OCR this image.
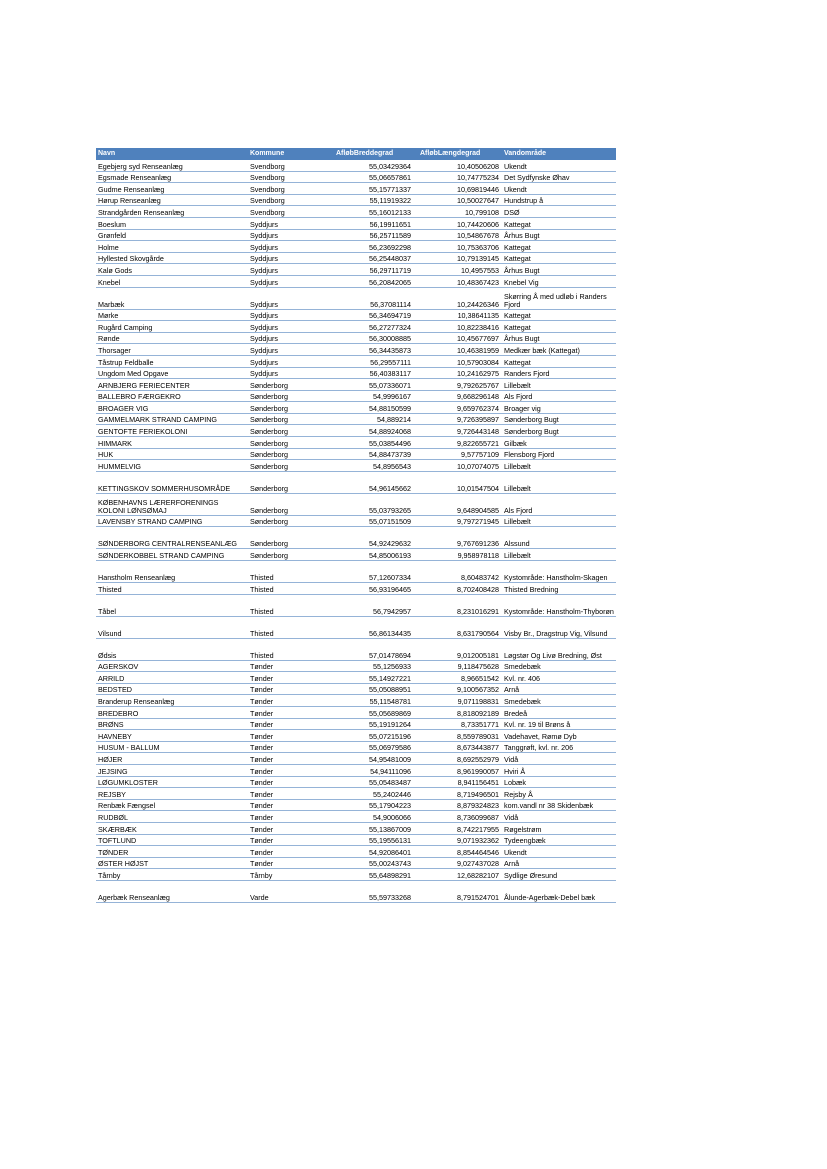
Navn	Kommune	AfløbBreddegrad	AfløbLængdegrad	Vandområde
Egebjerg syd Renseanlæg	Svendborg	55,03429364	10,40506208	Ukendt
Egsmade Renseanlæg	Svendborg	55,06657861	10,74775234	Det Sydfynske Øhav
Gudme Renseanlæg	Svendborg	55,15771337	10,69819446	Ukendt
Hørup Renseanlæg	Svendborg	55,11919322	10,50027647	Hundstrup å
Strandgården Renseanlæg	Svendborg	55,16012133	10,799108	DSØ
Boeslum	Syddjurs	56,19911651	10,74420606	Kattegat
Grønfeld	Syddjurs	56,25711589	10,54867678	Århus Bugt
Holme	Syddjurs	56,23692298	10,75363706	Kattegat
Hyllested Skovgårde	Syddjurs	56,25448037	10,79139145	Kattegat
Kalø Gods	Syddjurs	56,29711719	10,4957553	Århus Bugt
Knebel	Syddjurs	56,20842065	10,48367423	Knebel Vig
Marbæk	Syddjurs	56,37081114	10,24426346	Skørring Å med udløb i Randers Fjord
Mørke	Syddjurs	56,34694719	10,38641135	Kattegat
Rugård Camping	Syddjurs	56,27277324	10,82238416	Kattegat
Rønde	Syddjurs	56,30008885	10,45677697	Århus Bugt
Thorsager	Syddjurs	56,34435873	10,46381959	Medkær bæk (Kattegat)
Tåstrup Feldballe	Syddjurs	56,29557111	10,57903084	Kattegat
Ungdom Med Opgave	Syddjurs	56,40383117	10,24162975	Randers Fjord
ARNBJERG FERIECENTER	Sønderborg	55,07336071	9,792625767	Lillebælt
BALLEBRO FÆRGEKRO	Sønderborg	54,9996167	9,668296148	Als Fjord
BROAGER VIG	Sønderborg	54,88150599	9,659762374	Broager vig
GAMMELMARK STRAND CAMPING	Sønderborg	54,889214	9,726395897	Sønderborg Bugt
GENTOFTE FERIEKOLONI	Sønderborg	54,88924068	9,726443148	Sønderborg Bugt
HIMMARK	Sønderborg	55,03854496	9,822655721	Gilbæk
HUK	Sønderborg	54,88473739	9,57757109	Flensborg Fjord
HUMMELVIG	Sønderborg	54,8956543	10,07074075	Lillebælt
KETTINGSKOV SOMMERHUSOMRÅDE	Sønderborg	54,96145662	10,01547504	Lillebælt
KØBENHAVNS LÆRERFORENINGS KOLONI LØNSØMAJ	Sønderborg	55,03793265	9,648904585	Als Fjord
LAVENSBY STRAND CAMPING	Sønderborg	55,07151509	9,797271945	Lillebælt
SØNDERBORG CENTRALRENSEANLÆG	Sønderborg	54,92429632	9,767691236	Alssund
SØNDERKOBBEL STRAND CAMPING	Sønderborg	54,85006193	9,958978118	Lillebælt
Hanstholm Renseanlæg	Thisted	57,12607334	8,60483742	Kystområde: Hanstholm-Skagen
Thisted	Thisted	56,93196465	8,702408428	Thisted Bredning
Tåbel	Thisted	56,7942957	8,231016291	Kystområde: Hanstholm-Thyborøn
Vilsund	Thisted	56,86134435	8,631790564	Visby Br., Dragstrup Vig, Vilsund
Ødsis	Thisted	57,01478694	9,012005181	Løgstør Og Livø Bredning, Øst
AGERSKOV	Tønder	55,1256933	9,118475628	Smedebæk
ARRILD	Tønder	55,14927221	8,96651542	Kvl. nr. 406
BEDSTED	Tønder	55,05088951	9,100567352	Arnå
Branderup Renseanlæg	Tønder	55,11548781	9,071198831	Smedebæk
BREDEBRO	Tønder	55,05689869	8,818092189	Bredeå
BRØNS	Tønder	55,19191264	8,73351771	Kvl. nr. 19 til Brøns å
HAVNEBY	Tønder	55,07215196	8,559789031	Vadehavet, Rømø Dyb
HUSUM - BALLUM	Tønder	55,06979586	8,673443877	Tanggrøft, kvl. nr. 206
HØJER	Tønder	54,95481009	8,692552979	Vidå
JEJSING	Tønder	54,94111096	8,961990057	Hviri Å
LØGUMKLOSTER	Tønder	55,05483487	8,941156451	Lobæk
REJSBY	Tønder	55,2402446	8,719496501	Rejsby Å
Renbæk Fængsel	Tønder	55,17904223	8,879324823	kom.vandl nr 38 Skidenbæk
RUDBØL	Tønder	54,9006066	8,736099687	Vidå
SKÆRBÆK	Tønder	55,13867009	8,742217955	Røgelstrøm
TOFTLUND	Tønder	55,19556131	9,071932362	Tydeengbæk
TØNDER	Tønder	54,92086401	8,854464546	Ukendt
ØSTER HØJST	Tønder	55,00243743	9,027437028	Arnå
Tårnby	Tårnby	55,64898291	12,68282107	Sydlige Øresund
Agerbæk Renseanlæg	Varde	55,59733268	8,791524701	Ålunde-Agerbæk-Debel bæk
